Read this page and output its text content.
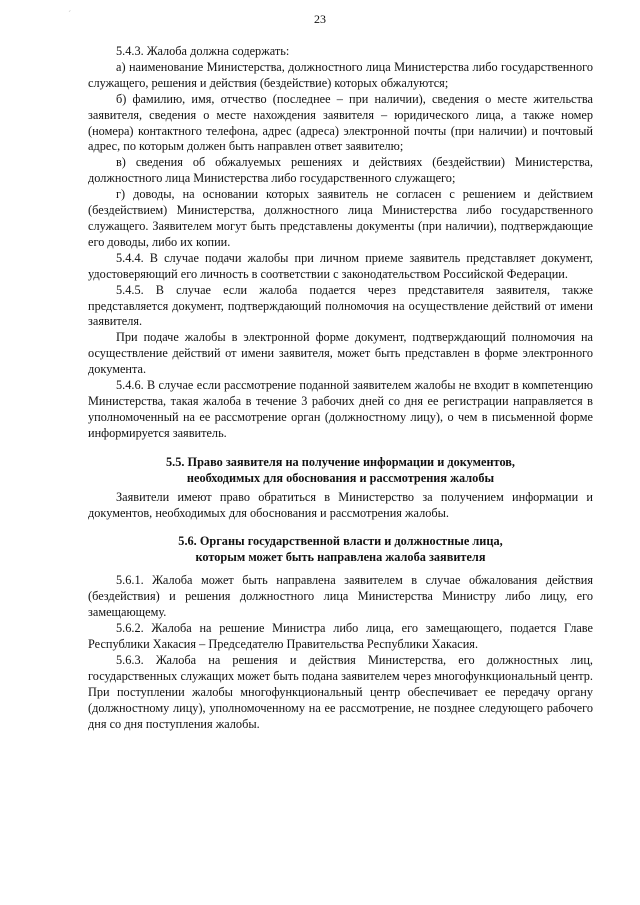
ˊ	23

5.4.3. Жалоба должна содержать:

а) наименование Министерства, должностного лица Министерства либо государственного служащего, решения и действия (бездействие) которых обжалуются;

б) фамилию, имя, отчество (последнее – при наличии), сведения о месте жительства заявителя, сведения о месте нахождения заявителя – юридического лица, а также номер (номера) контактного телефона, адрес (адреса) электронной почты (при наличии) и почтовый адрес, по которым должен быть направлен ответ заявителю;

в) сведения об обжалуемых решениях и действиях (бездействии) Министерства, должностного лица Министерства либо государственного служащего;

г) доводы, на основании которых заявитель не согласен с решением и действием (бездействием) Министерства, должностного лица Министерства либо государственного служащего. Заявителем могут быть представлены документы (при наличии), подтверждающие его доводы, либо их копии.

5.4.4. В случае подачи жалобы при личном приеме заявитель представляет документ, удостоверяющий его личность в соответствии с законодательством Российской Федерации.

5.4.5. В случае если жалоба подается через представителя заявителя, также представляется документ, подтверждающий полномочия на осуществление действий от имени заявителя.

При подаче жалобы в электронной форме документ, подтверждающий полномочия на осуществление действий от имени заявителя, может быть представлен в форме электронного документа.

5.4.6. В случае если рассмотрение поданной заявителем жалобы не входит в компетенцию Министерства, такая жалоба в течение 3 рабочих дней со дня ее регистрации направляется в уполномоченный на ее рассмотрение орган (должностному лицу), о чем в письменной форме информируется заявитель.

5.5. Право заявителя на получение информации и документов,

необходимых для обоснования и рассмотрения жалобы

Заявители имеют право обратиться в Министерство за получением информации и документов, необходимых для обоснования и рассмотрения жалобы.

5.6. Органы государственной власти и должностные лица,

которым может быть направлена жалоба заявителя

5.6.1. Жалоба может быть направлена заявителем в случае обжалования действия (бездействия) и решения должностного лица Министерства Министру либо лицу, его замещающему.

5.6.2. Жалоба на решение Министра либо лица, его замещающего, подается Главе Республики Хакасия – Председателю Правительства Республики Хакасия.

5.6.3. Жалоба на решения и действия Министерства, его должностных лиц, государственных служащих может быть подана заявителем через многофункциональный центр. При поступлении жалобы многофункциональный центр обеспечивает ее передачу органу (должностному лицу), уполномоченному на ее рассмотрение, не позднее следующего рабочего дня со дня поступления жалобы.
